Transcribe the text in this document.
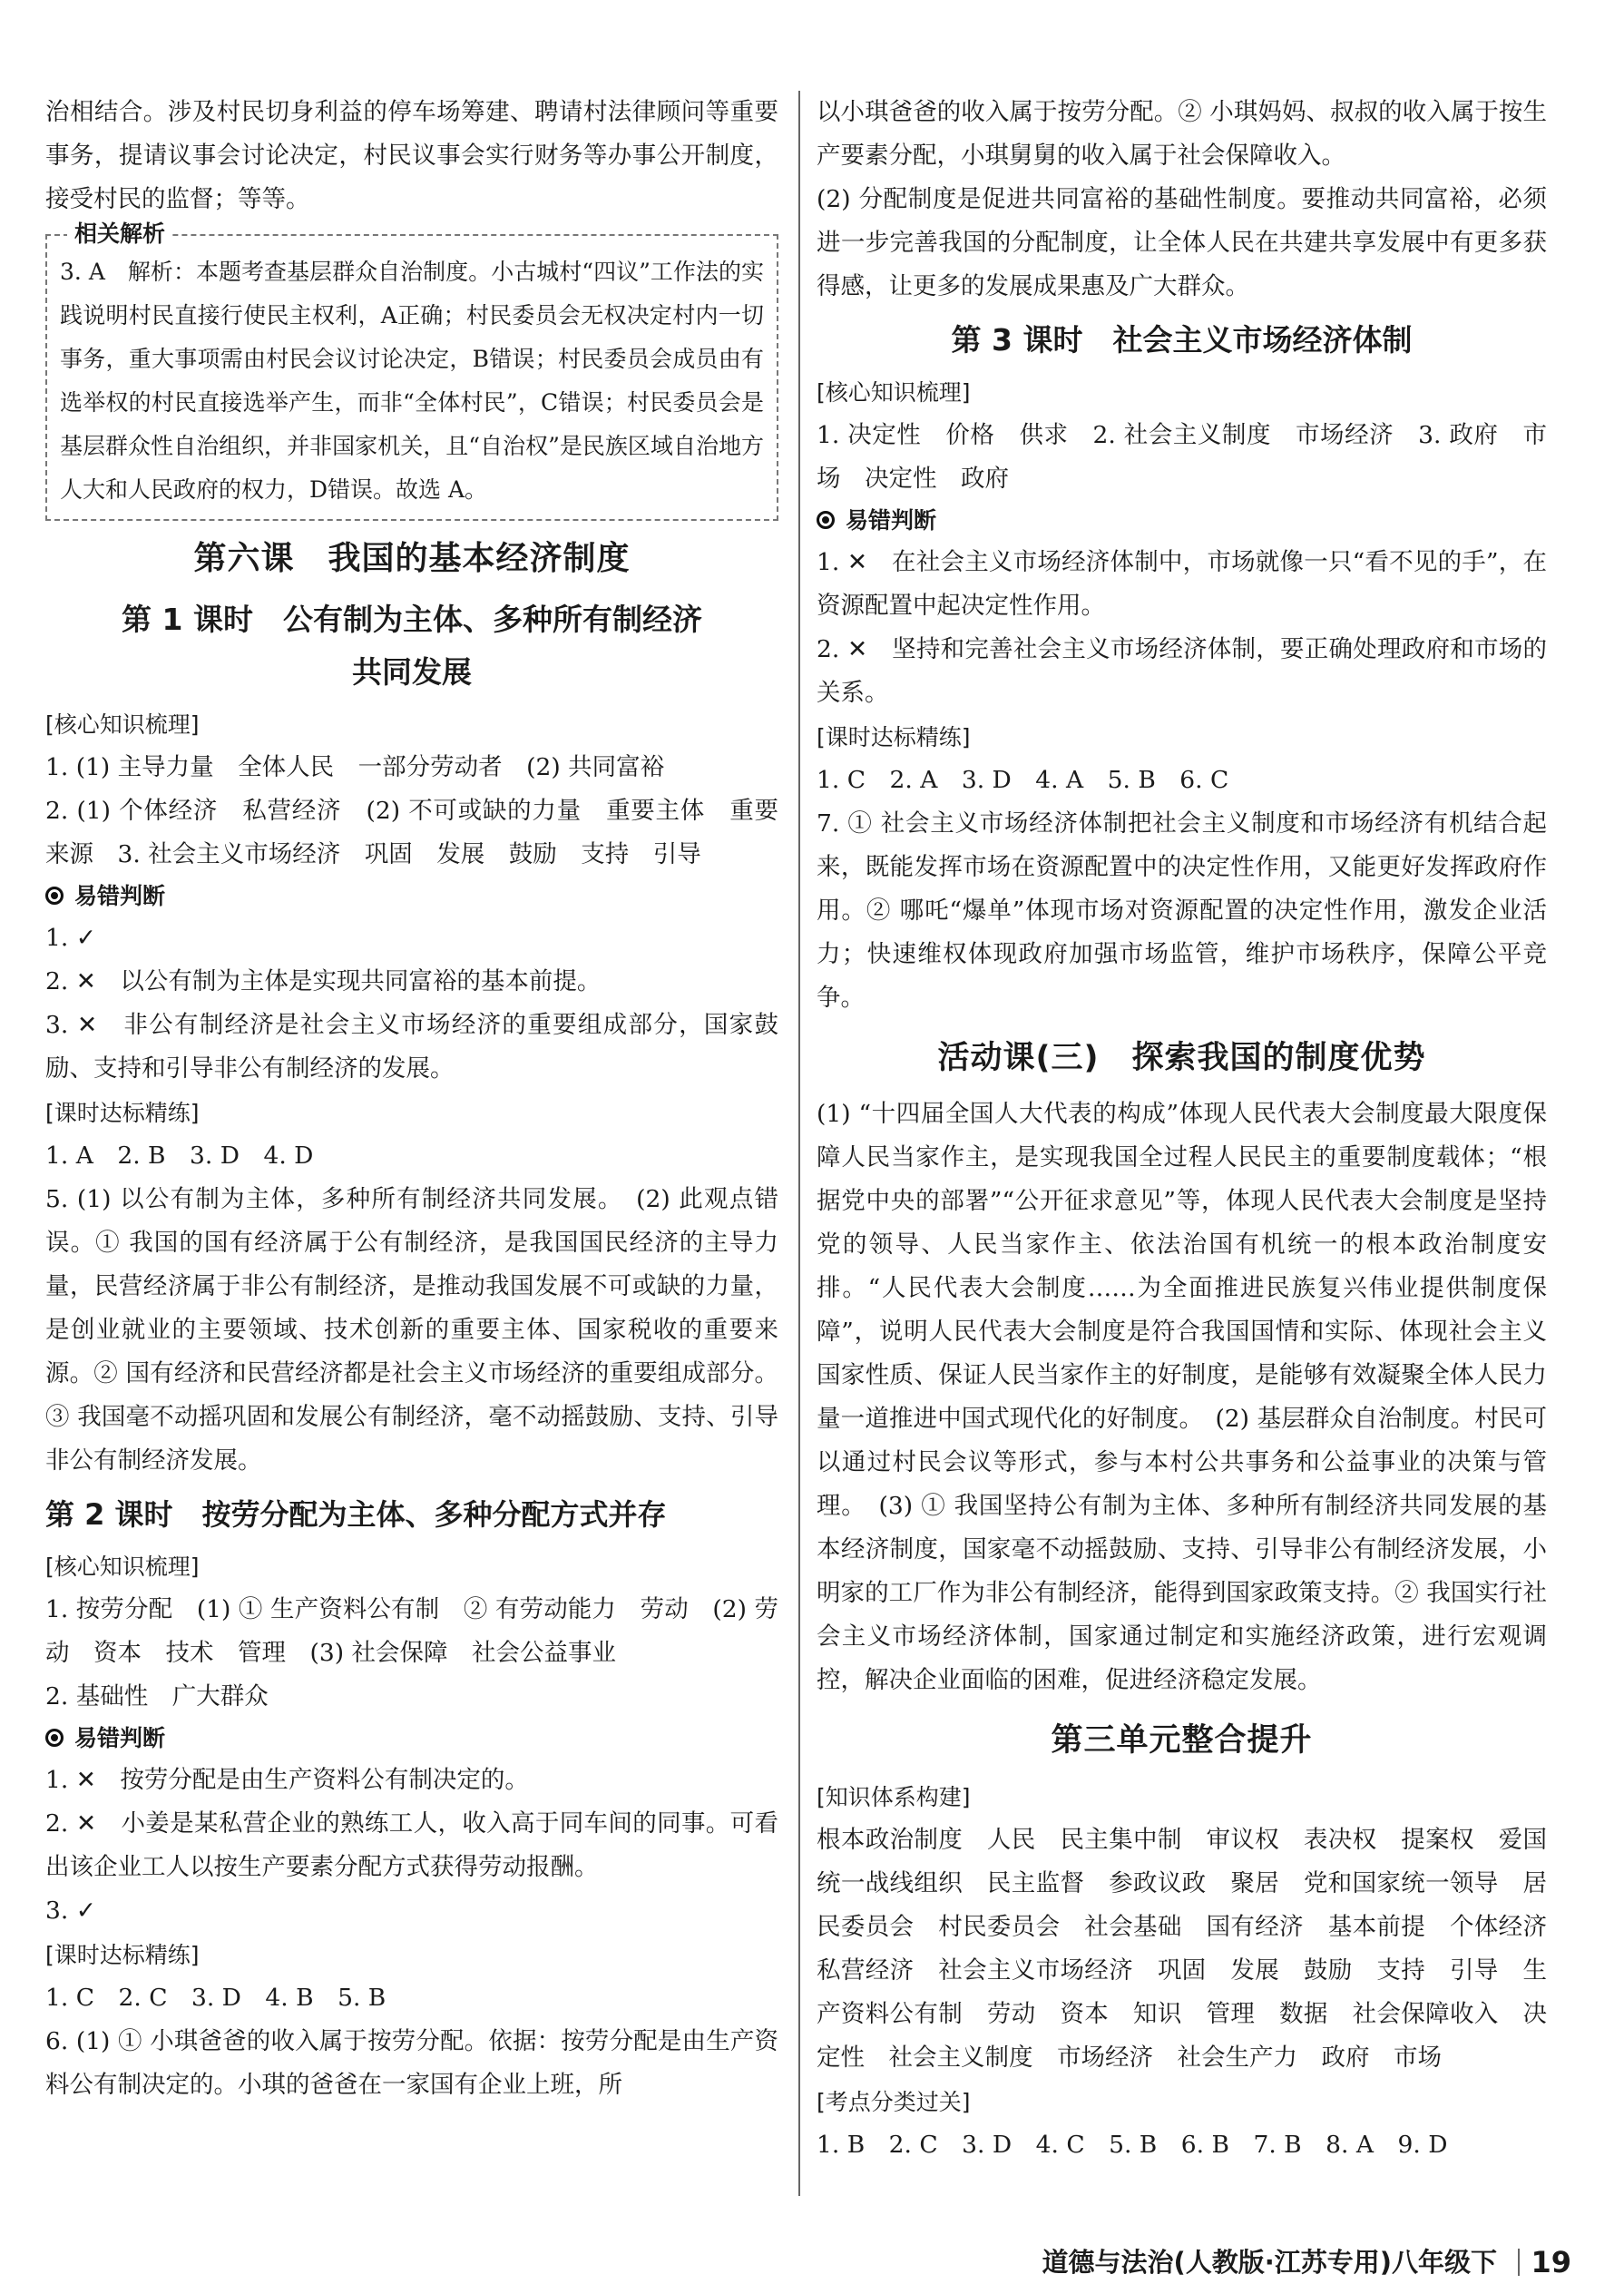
治相结合。涉及村民切身利益的停车场筹建、聘请村法律顾问等重要事务，提请议事会讨论决定，村民议事会实行财务等办事公开制度，接受村民的监督；等等。

相关解析

3. A　解析：本题考查基层群众自治制度。小古城村“四议”工作法的实践说明村民直接行使民主权利，A正确；村民委员会无权决定村内一切事务，重大事项需由村民会议讨论决定，B错误；村民委员会成员由有选举权的村民直接选举产生，而非“全体村民”，C错误；村民委员会是基层群众性自治组织，并非国家机关，且“自治权”是民族区域自治地方人大和人民政府的权力，D错误。故选 A。

第六课　我国的基本经济制度
第 1 课时　公有制为主体、多种所有制经济
共同发展
[ 核心知识梳理 ]

1. (1) 主导力量　全体人民　一部分劳动者　(2) 共同富裕

2. (1) 个体经济　私营经济　(2) 不可或缺的力量　重要主体　重要来源　3. 社会主义市场经济　巩固　发展　鼓励　支持　引导

易错判断

1. ✓

2. ✕　以公有制为主体是实现共同富裕的基本前提。

3. ✕　非公有制经济是社会主义市场经济的重要组成部分，国家鼓励、支持和引导非公有制经济的发展。

[ 课时达标精练 ]

1. A　2. B　3. D　4. D

5. (1) 以公有制为主体，多种所有制经济共同发展。　(2) 此观点错误。① 我国的国有经济属于公有制经济，是我国国民经济的主导力量，民营经济属于非公有制经济，是推动我国发展不可或缺的力量，是创业就业的主要领域、技术创新的重要主体、国家税收的重要来源。② 国有经济和民营经济都是社会主义市场经济的重要组成部分。③ 我国毫不动摇巩固和发展公有制经济，毫不动摇鼓励、支持、引导非公有制经济发展。

第 2 课时　按劳分配为主体、多种分配方式并存
[ 核心知识梳理 ]

1. 按劳分配　(1) ① 生产资料公有制　② 有劳动能力　劳动　(2) 劳动　资本　技术　管理　(3) 社会保障　社会公益事业

2. 基础性　广大群众

易错判断

1. ✕　按劳分配是由生产资料公有制决定的。

2. ✕　小姜是某私营企业的熟练工人，收入高于同车间的同事。可看出该企业工人以按生产要素分配方式获得劳动报酬。

3. ✓

[ 课时达标精练 ]

1. C　2. C　3. D　4. B　5. B

6. (1) ① 小琪爸爸的收入属于按劳分配。依据：按劳分配是由生产资料公有制决定的。小琪的爸爸在一家国有企业上班，所

以小琪爸爸的收入属于按劳分配。② 小琪妈妈、叔叔的收入属于按生产要素分配，小琪舅舅的收入属于社会保障收入。

(2) 分配制度是促进共同富裕的基础性制度。要推动共同富裕，必须进一步完善我国的分配制度，让全体人民在共建共享发展中有更多获得感，让更多的发展成果惠及广大群众。

第 3 课时　社会主义市场经济体制
[ 核心知识梳理 ]

1. 决定性　价格　供求　2. 社会主义制度　市场经济　3. 政府　市场　决定性　政府

易错判断

1. ✕　在社会主义市场经济体制中，市场就像一只“看不见的手”，在资源配置中起决定性作用。

2. ✕　坚持和完善社会主义市场经济体制，要正确处理政府和市场的关系。

[ 课时达标精练 ]

1. C　2. A　3. D　4. A　5. B　6. C

7. ① 社会主义市场经济体制把社会主义制度和市场经济有机结合起来，既能发挥市场在资源配置中的决定性作用，又能更好发挥政府作用。② 哪吒“爆单”体现市场对资源配置的决定性作用，激发企业活力；快速维权体现政府加强市场监管，维护市场秩序，保障公平竞争。

活动课(三)　探索我国的制度优势

(1) “十四届全国人大代表的构成”体现人民代表大会制度最大限度保障人民当家作主，是实现我国全过程人民民主的重要制度载体；“根据党中央的部署”“公开征求意见”等，体现人民代表大会制度是坚持党的领导、人民当家作主、依法治国有机统一的根本政治制度安排。“人民代表大会制度……为全面推进民族复兴伟业提供制度保障”，说明人民代表大会制度是符合我国国情和实际、体现社会主义国家性质、保证人民当家作主的好制度，是能够有效凝聚全体人民力量一道推进中国式现代化的好制度。　(2) 基层群众自治制度。村民可以通过村民会议等形式，参与本村公共事务和公益事业的决策与管理。　(3) ① 我国坚持公有制为主体、多种所有制经济共同发展的基本经济制度，国家毫不动摇鼓励、支持、引导非公有制经济发展，小明家的工厂作为非公有制经济，能得到国家政策支持。② 我国实行社会主义市场经济体制，国家通过制定和实施经济政策，进行宏观调控，解决企业面临的困难，促进经济稳定发展。

第三单元整合提升
[ 知识体系构建 ]

根本政治制度　人民　民主集中制　审议权　表决权　提案权　爱国统一战线组织　民主监督　参政议政　聚居　党和国家统一领导　居民委员会　村民委员会　社会基础　国有经济　基本前提　个体经济　私营经济　社会主义市场经济　巩固　发展　鼓励　支持　引导　生产资料公有制　劳动　资本　知识　管理　数据　社会保障收入　决定性　社会主义制度　市场经济　社会生产力　政府　市场

[ 考点分类过关 ]

1. B　2. C　3. D　4. C　5. B　6. B　7. B　8. A　9. D

道德与法治(人教版·江苏专用)八年级下 19
